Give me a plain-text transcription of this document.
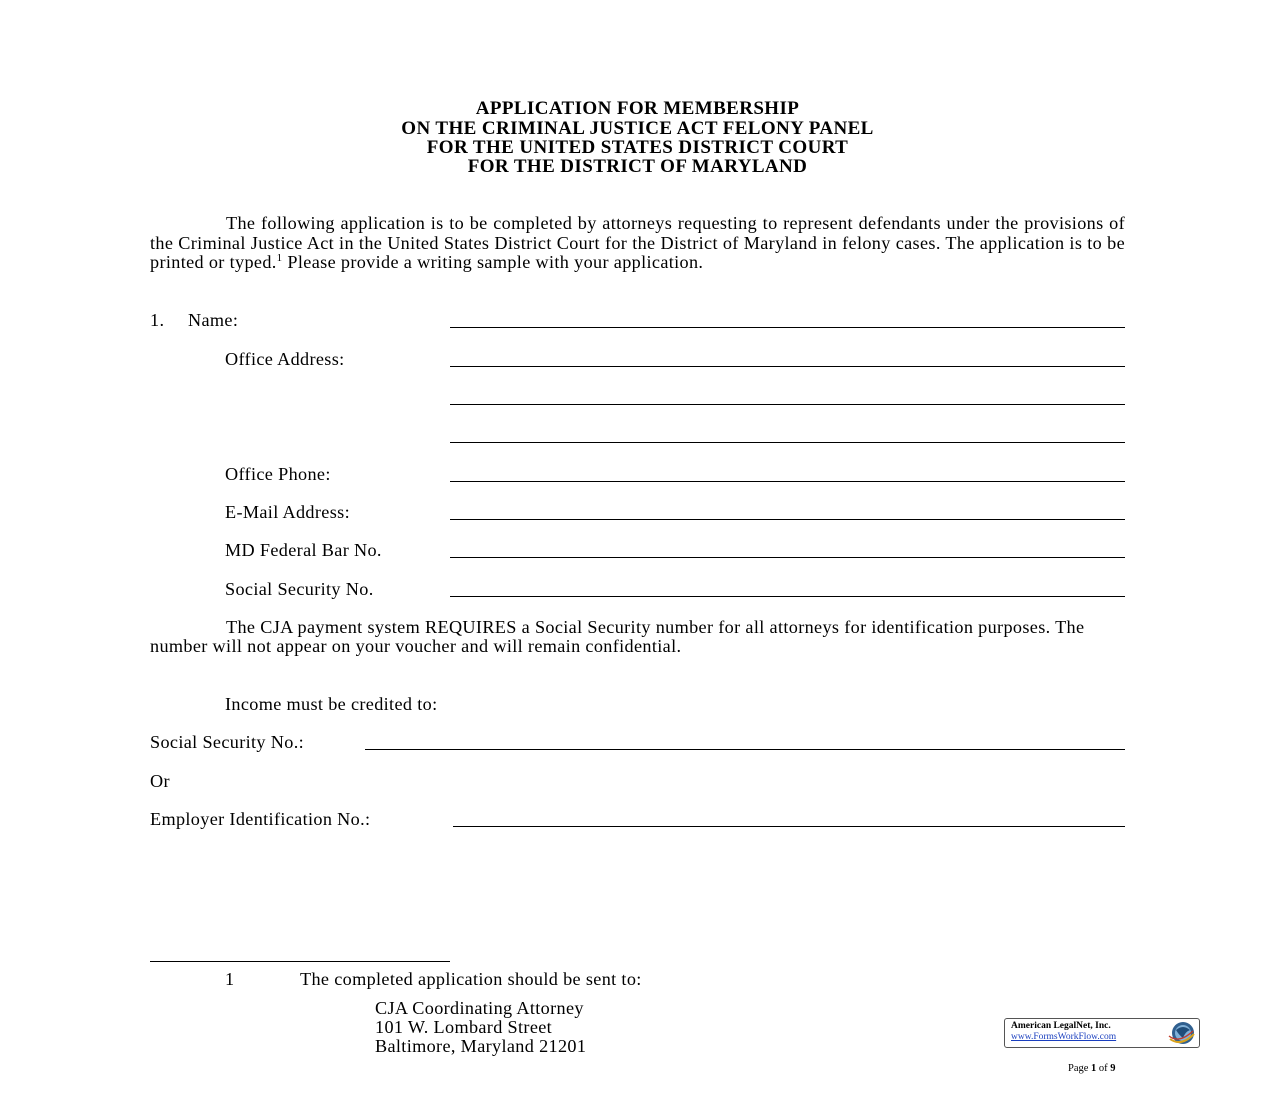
APPLICATION FOR MEMBERSHIP
ON THE CRIMINAL JUSTICE ACT FELONY PANEL
FOR THE UNITED STATES DISTRICT COURT
FOR THE DISTRICT OF MARYLAND
The following application is to be completed by attorneys requesting to represent defendants under the provisions of the Criminal Justice Act in the United States District Court for the District of Maryland in felony cases. The application is to be printed or typed.$^1$ Please provide a writing sample with your application.
1. Name:
Office Address:
Office Phone:
E-Mail Address:
MD Federal Bar No.
Social Security No.
The CJA payment system REQUIRES a Social Security number for all attorneys for identification purposes. The number will not appear on your voucher and will remain confidential.
Income must be credited to:
Social Security No.:
Or
Employer Identification No.:
1	The completed application should be sent to:
CJA Coordinating Attorney
101 W. Lombard Street
Baltimore, Maryland 21201
American LegalNet, Inc.
www.FormsWorkFlow.com
Page 1 of 9
